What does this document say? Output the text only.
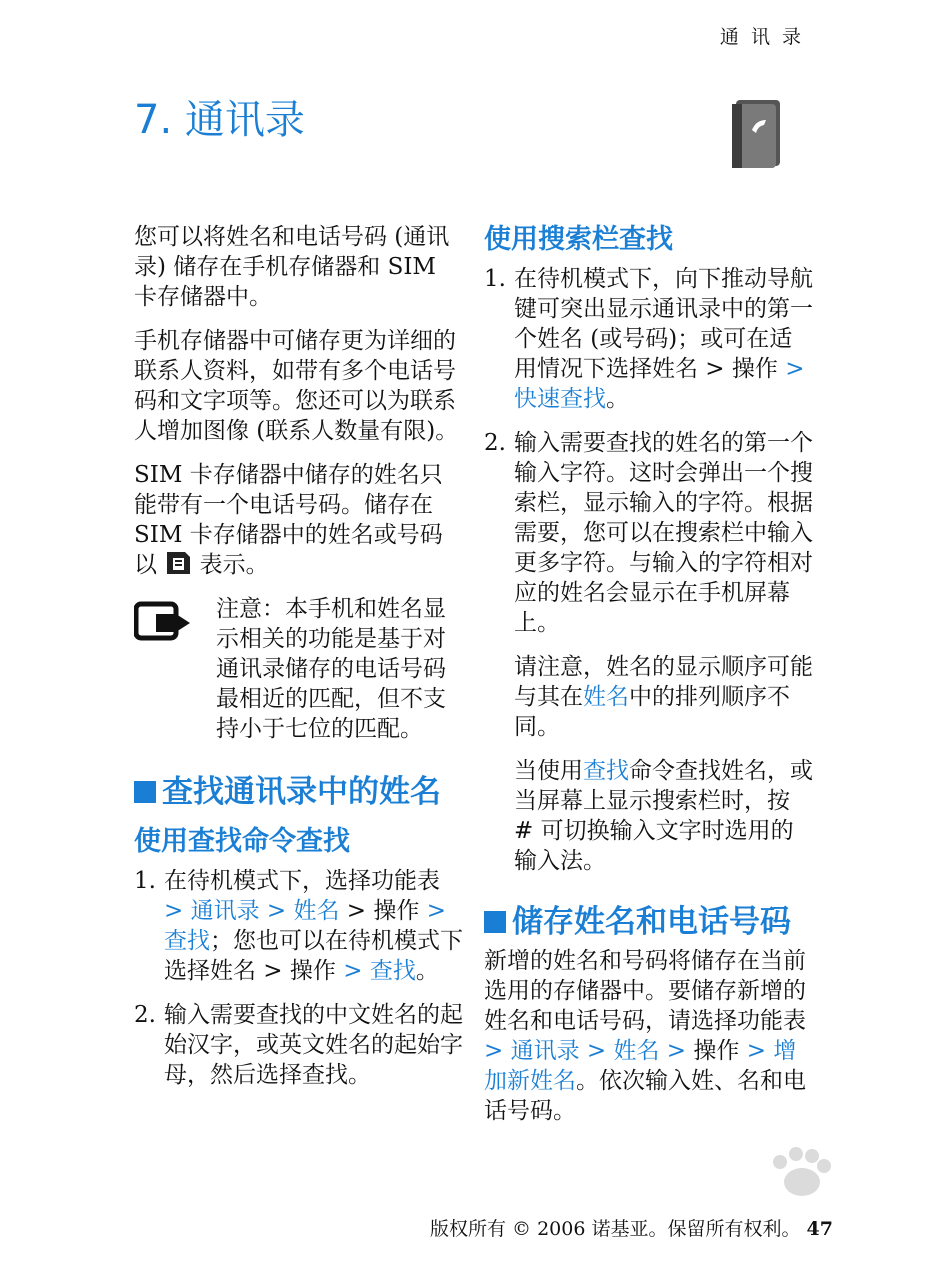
通 讯 录
7. 通讯录

您可以将姓名和电话号码 (通讯录) 储存在手机存储器和 SIM 卡存储器中。

手机存储器中可储存更为详细的联系人资料，如带有多个电话号码和文字项等。您还可以为联系人增加图像 (联系人数量有限)。

SIM 卡存储器中储存的姓名只能带有一个电话号码。储存在 SIM 卡存储器中的姓名或号码以  表示。

注意：本手机和姓名显示相关的功能是基于对通讯录储存的电话号码最相近的匹配，但不支持小于七位的匹配。
查找通讯录中的姓名
使用查找命令查找
1. 在待机模式下，选择功能表 > 通讯录 > 姓名 > 操作 > 查找；您也可以在待机模式下选择姓名 > 操作 > 查找。
2. 输入需要查找的中文姓名的起始汉字，或英文姓名的起始字母，然后选择查找。
使用搜索栏查找
1. 在待机模式下，向下推动导航键可突出显示通讯录中的第一个姓名 (或号码)；或可在适用情况下选择姓名 > 操作 > 快速查找。
2. 输入需要查找的姓名的第一个输入字符。这时会弹出一个搜索栏，显示输入的字符。根据需要，您可以在搜索栏中输入更多字符。与输入的字符相对应的姓名会显示在手机屏幕上。

请注意，姓名的显示顺序可能与其在姓名中的排列顺序不同。

当使用查找命令查找姓名，或当屏幕上显示搜索栏时，按 # 可切换输入文字时选用的输入法。

储存姓名和电话号码

新增的姓名和号码将储存在当前选用的存储器中。要储存新增的姓名和电话号码，请选择功能表 > 通讯录 > 姓名 > 操作 > 增加新姓名。依次输入姓、名和电话号码。

版权所有 © 2006 诺基亚。保留所有权利。 47
